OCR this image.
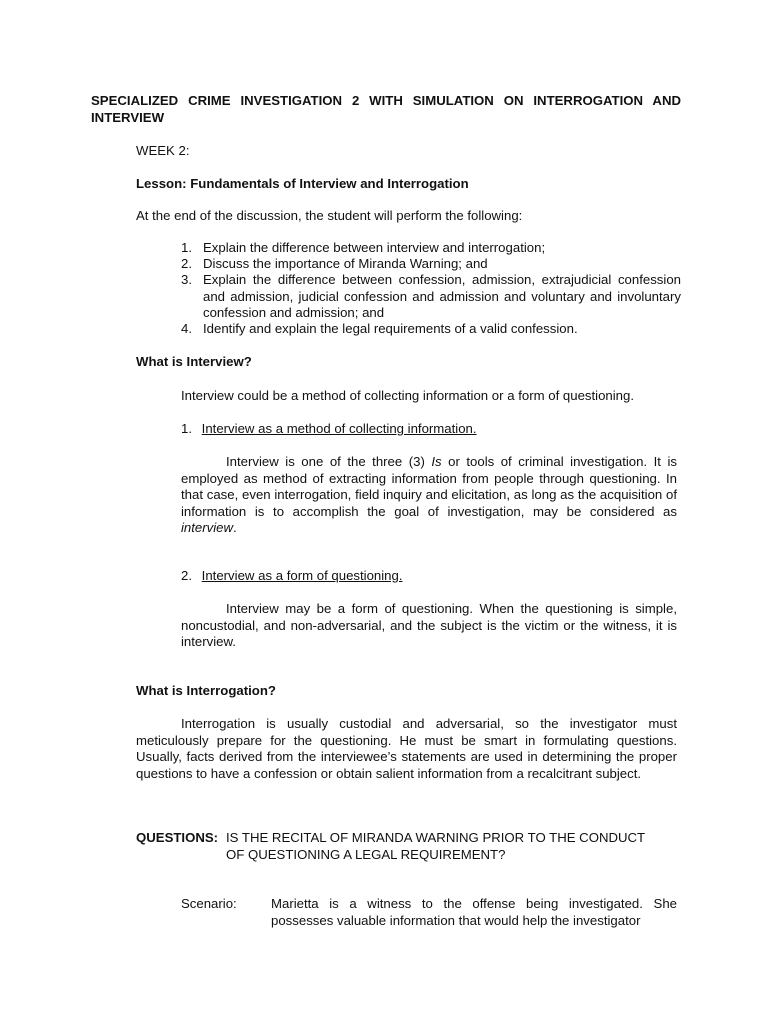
SPECIALIZED CRIME INVESTIGATION 2 WITH SIMULATION ON INTERROGATION AND INTERVIEW
WEEK 2:
Lesson: Fundamentals of Interview and Interrogation
At the end of the discussion, the student will perform the following:
1. Explain the difference between interview and interrogation;
2. Discuss the importance of Miranda Warning; and
3. Explain the difference between confession, admission, extrajudicial confession and admission, judicial confession and admission and voluntary and involuntary confession and admission; and
4. Identify and explain the legal requirements of a valid confession.
What is Interview?
Interview could be a method of collecting information or a form of questioning.
1. Interview as a method of collecting information.
Interview is one of the three (3) Is or tools of criminal investigation. It is employed as method of extracting information from people through questioning. In that case, even interrogation, field inquiry and elicitation, as long as the acquisition of information is to accomplish the goal of investigation, may be considered as interview.
2. Interview as a form of questioning.
Interview may be a form of questioning. When the questioning is simple, noncustodial, and non-adversarial, and the subject is the victim or the witness, it is interview.
What is Interrogation?
Interrogation is usually custodial and adversarial, so the investigator must meticulously prepare for the questioning. He must be smart in formulating questions. Usually, facts derived from the interviewee’s statements are used in determining the proper questions to have a confession or obtain salient information from a recalcitrant subject.
QUESTIONS: IS THE RECITAL OF MIRANDA WARNING PRIOR TO THE CONDUCT
OF QUESTIONING A LEGAL REQUIREMENT?
Scenario:	Marietta is a witness to the offense being investigated. She possesses valuable information that would help the investigator
